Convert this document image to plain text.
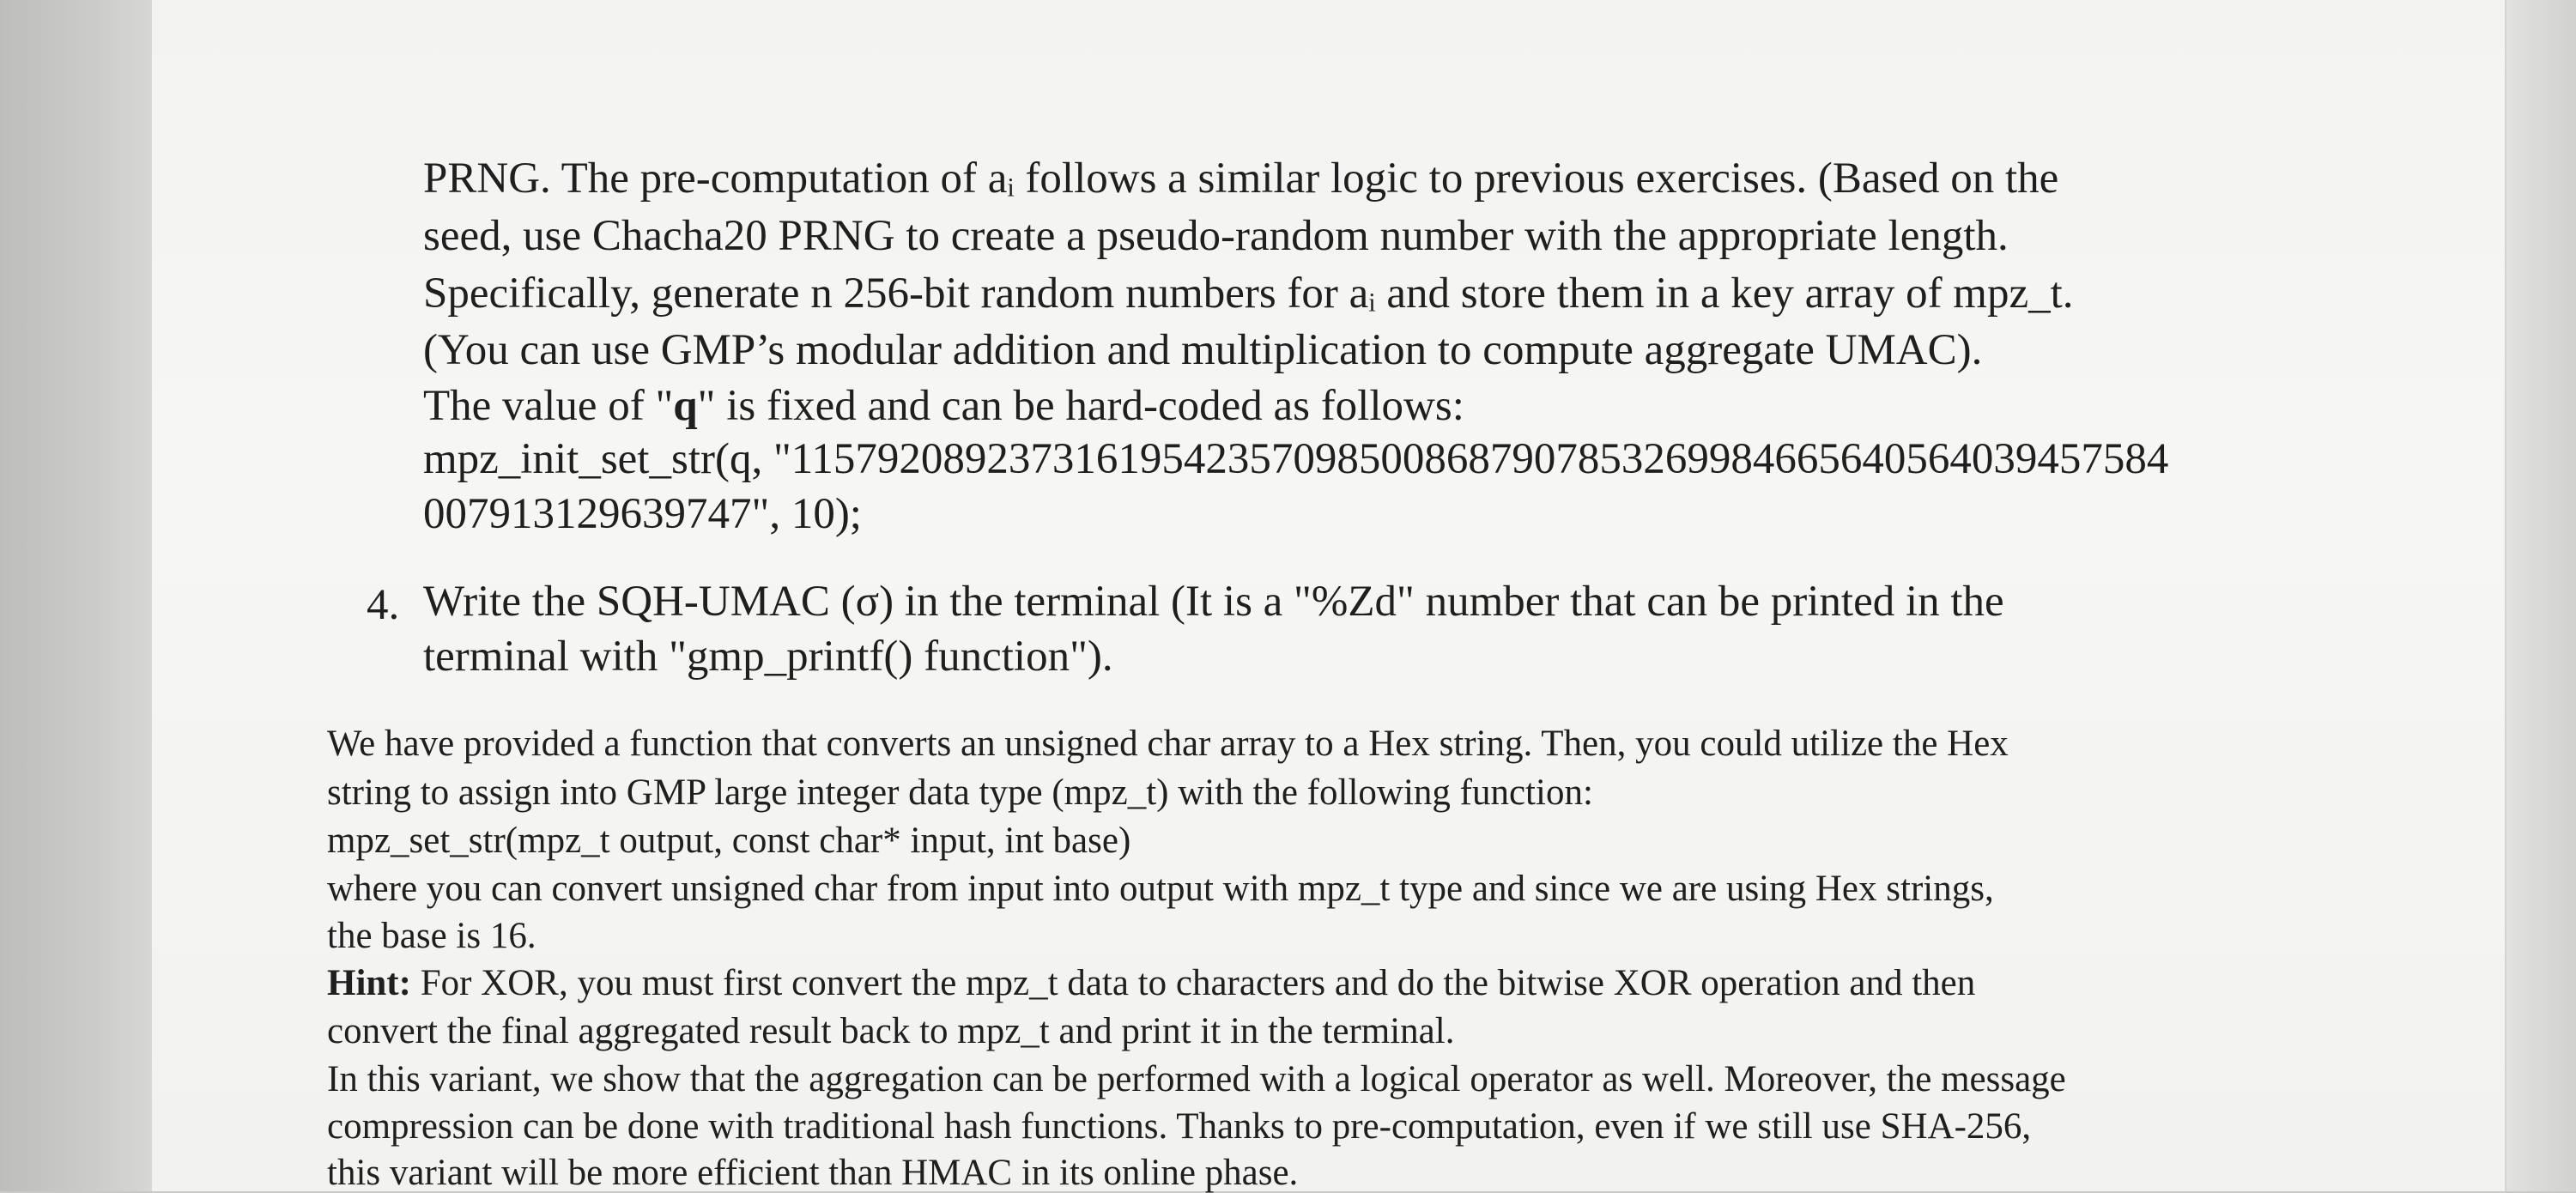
PRNG. The pre-computation of aᵢ follows a similar logic to previous exercises. (Based on the
seed, use Chacha20 PRNG to create a pseudo-random number with the appropriate length.
Specifically, generate n 256-bit random numbers for aᵢ and store them in a key array of mpz_t.
(You can use GMP’s modular addition and multiplication to compute aggregate UMAC).
The value of "q" is fixed and can be hard-coded as follows:
mpz_init_set_str(q, "115792089237316195423570985008687907853269984665640564039457584
007913129639747", 10);
4. Write the SQH-UMAC (σ) in the terminal (It is a "%Zd" number that can be printed in the
terminal with "gmp_printf() function").
We have provided a function that converts an unsigned char array to a Hex string. Then, you could utilize the Hex
string to assign into GMP large integer data type (mpz_t) with the following function:
mpz_set_str(mpz_t output, const char* input, int base)
where you can convert unsigned char from input into output with mpz_t type and since we are using Hex strings,
the base is 16.
Hint: For XOR, you must first convert the mpz_t data to characters and do the bitwise XOR operation and then
convert the final aggregated result back to mpz_t and print it in the terminal.
In this variant, we show that the aggregation can be performed with a logical operator as well. Moreover, the message
compression can be done with traditional hash functions. Thanks to pre-computation, even if we still use SHA-256,
this variant will be more efficient than HMAC in its online phase.
